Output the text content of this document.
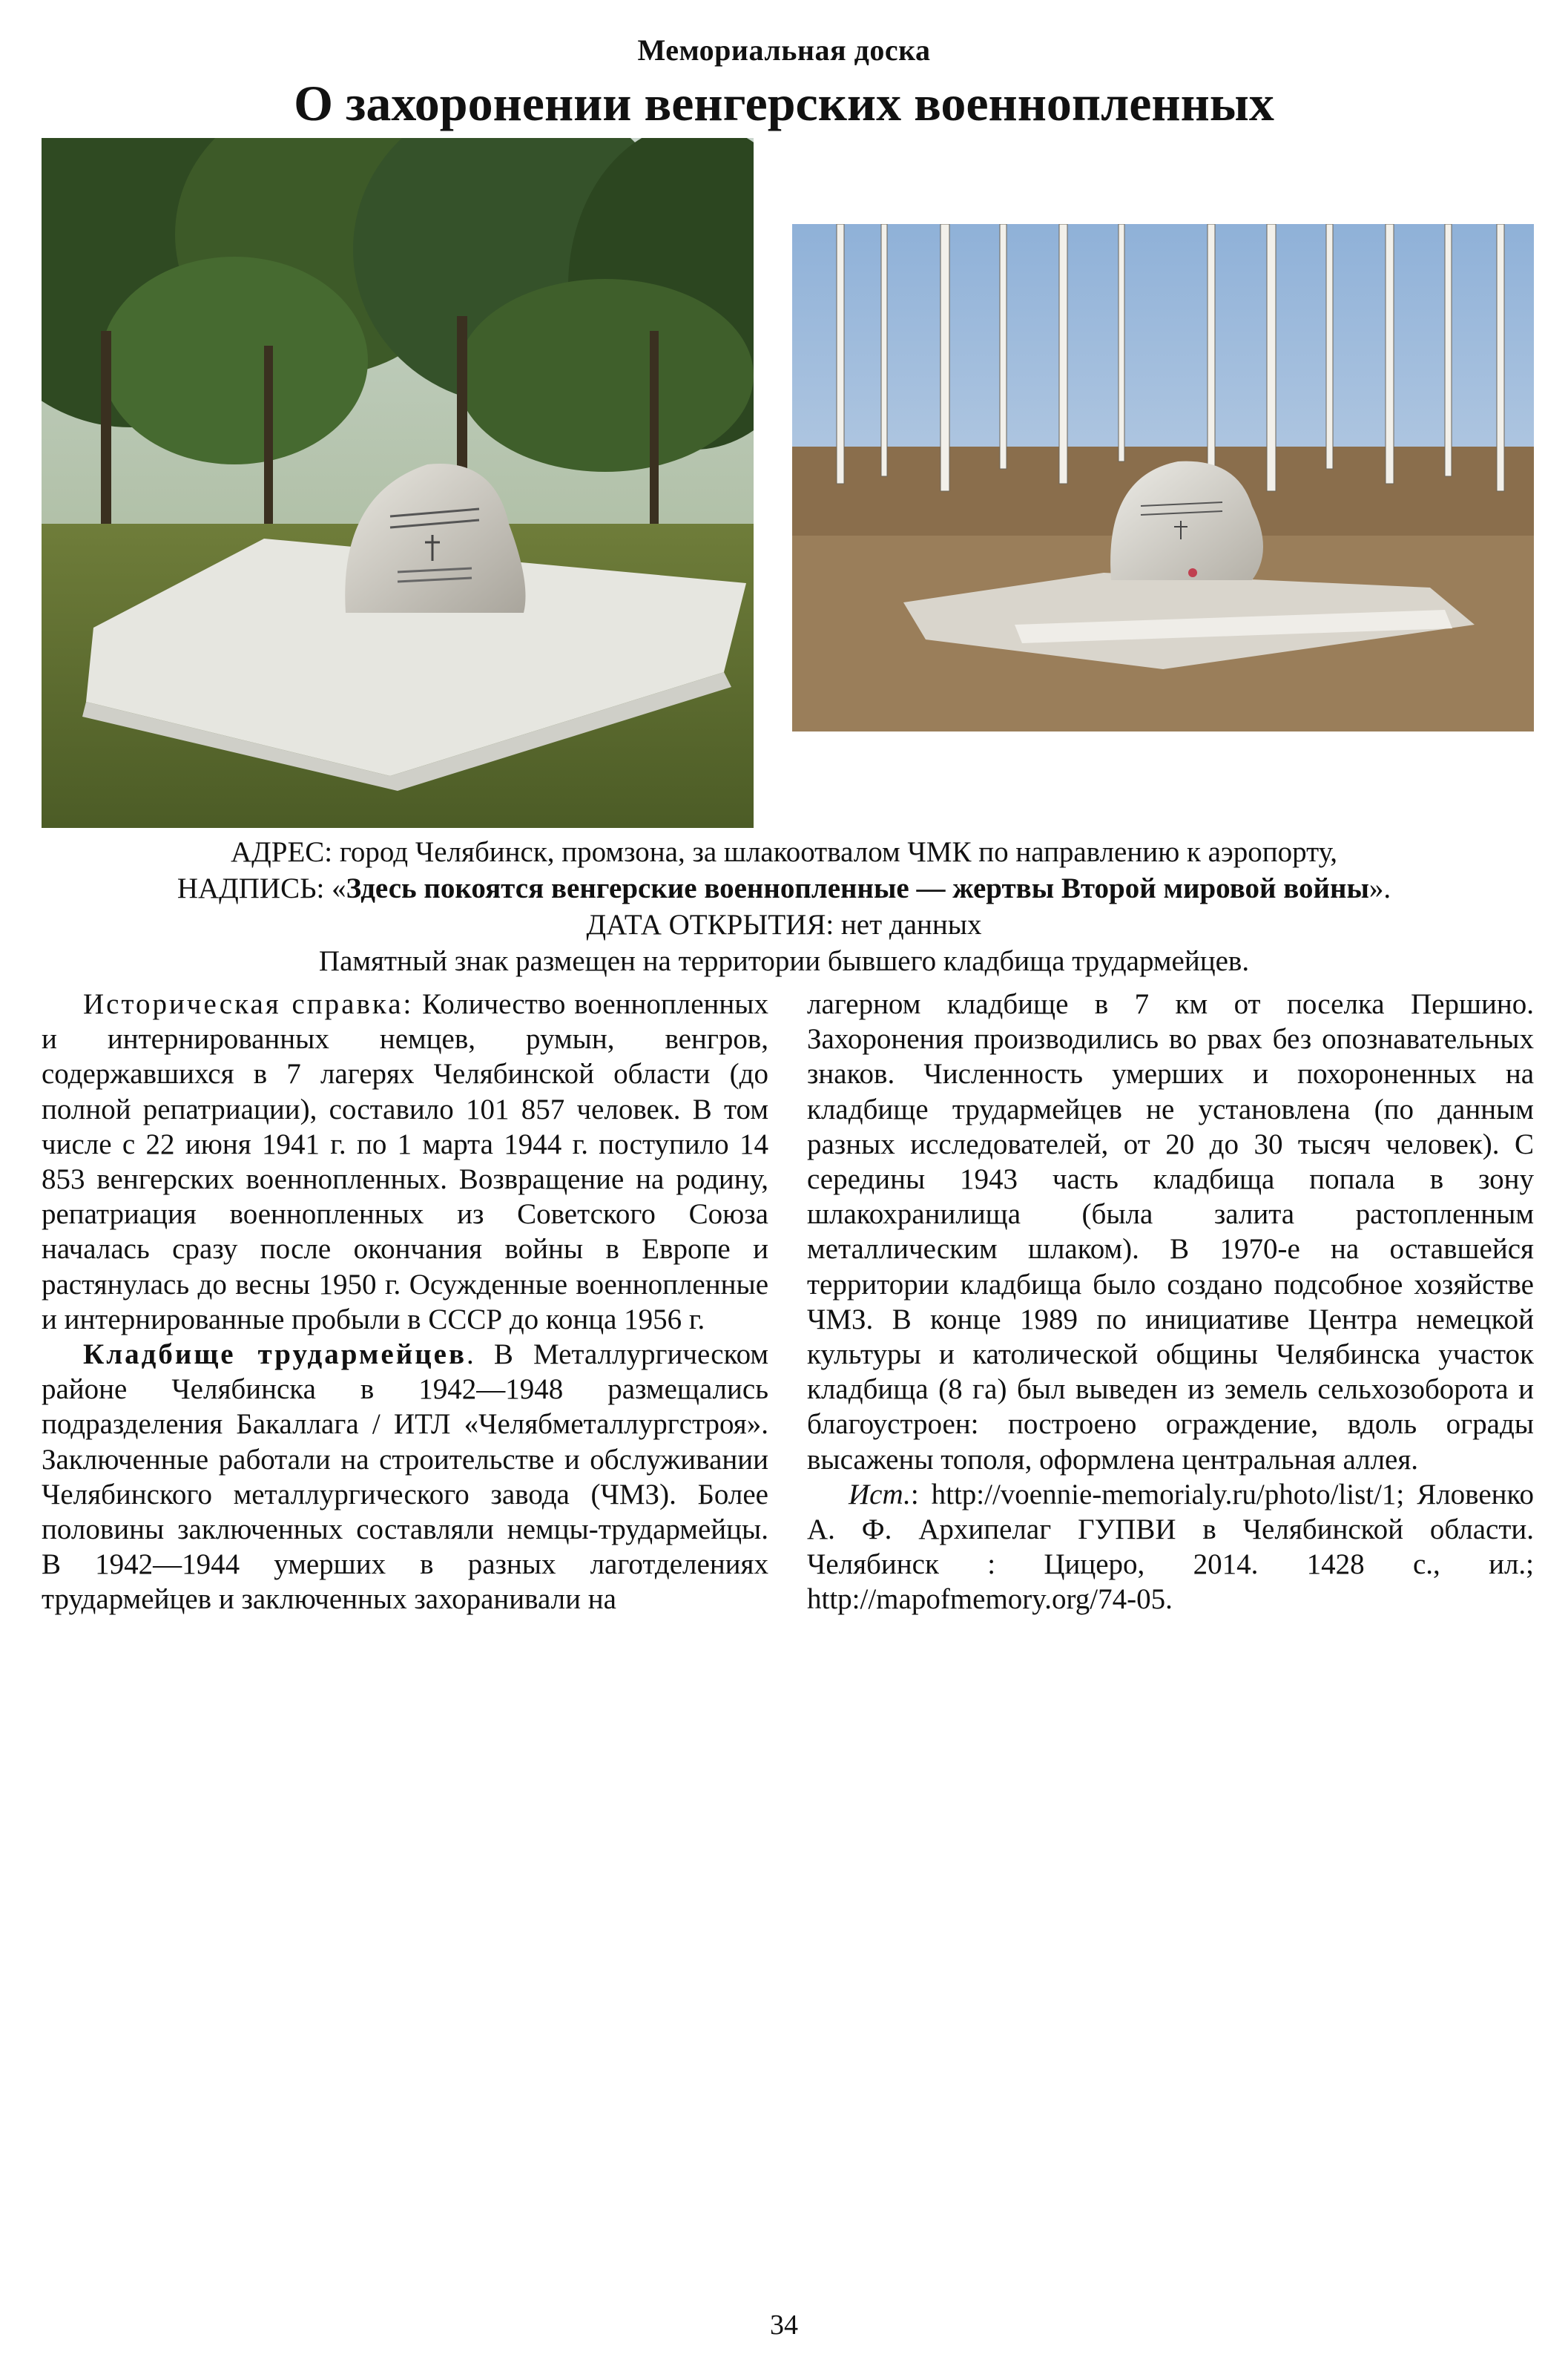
Мемориальная доска
О захоронении венгерских военнопленных
АДРЕС: город Челябинск, промзона, за шлакоотвалом ЧМК по направлению к аэропорту,
НАДПИСЬ: «Здесь покоятся венгерские военнопленные — жертвы Второй мировой войны».
ДАТА ОТКРЫТИЯ: нет данных
Памятный знак размещен на территории бывшего кладбища трудармейцев.

Историческая справка: Количество военнопленных и интернированных немцев, румын, венгров, содержавшихся в 7 лагерях Челябинской области (до полной репатриации), составило 101 857 человек. В том числе с 22 июня 1941 г. по 1 марта 1944 г. поступило 14 853 венгерских военнопленных. Возвращение на родину, репатриация военнопленных из Советского Союза началась сразу после окончания войны в Европе и растянулась до весны 1950 г. Осужденные военнопленные и интернированные пробыли в СССР до конца 1956 г.

Кладбище трудармейцев. В Металлургическом районе Челябинска в 1942—1948 размещались подразделения Бакаллага / ИТЛ «Челябметаллургстроя». Заключенные работали на строительстве и обслуживании Челябинского металлургического завода (ЧМЗ). Более половины заключенных составляли немцы-трудармейцы. В 1942—1944 умерших в разных лаготделениях трудармейцев и заключенных захоранивали на

лагерном кладбище в 7 км от поселка Першино. Захоронения производились во рвах без опознавательных знаков. Численность умерших и похороненных на кладбище трудармейцев не установлена (по данным разных исследователей, от 20 до 30 тысяч человек). С середины 1943 часть кладбища попала в зону шлакохранилища (была залита растопленным металлическим шлаком). В 1970-е на оставшейся территории кладбища было создано подсобное хозяйстве ЧМЗ. В конце 1989 по инициативе Центра немецкой культуры и католической общины Челябинска участок кладбища (8 га) был выведен из земель сельхозоборота и благоустроен: построено ограждение, вдоль ограды высажены тополя, оформлена центральная аллея.

Ист.: http://voennie-memorialy.ru/photo/list/1; Яловенко А. Ф. Архипелаг ГУПВИ в Челябинской области. Челябинск : Цицеро, 2014. 1428 с., ил.; http://mapofmemory.org/74-05.

34
